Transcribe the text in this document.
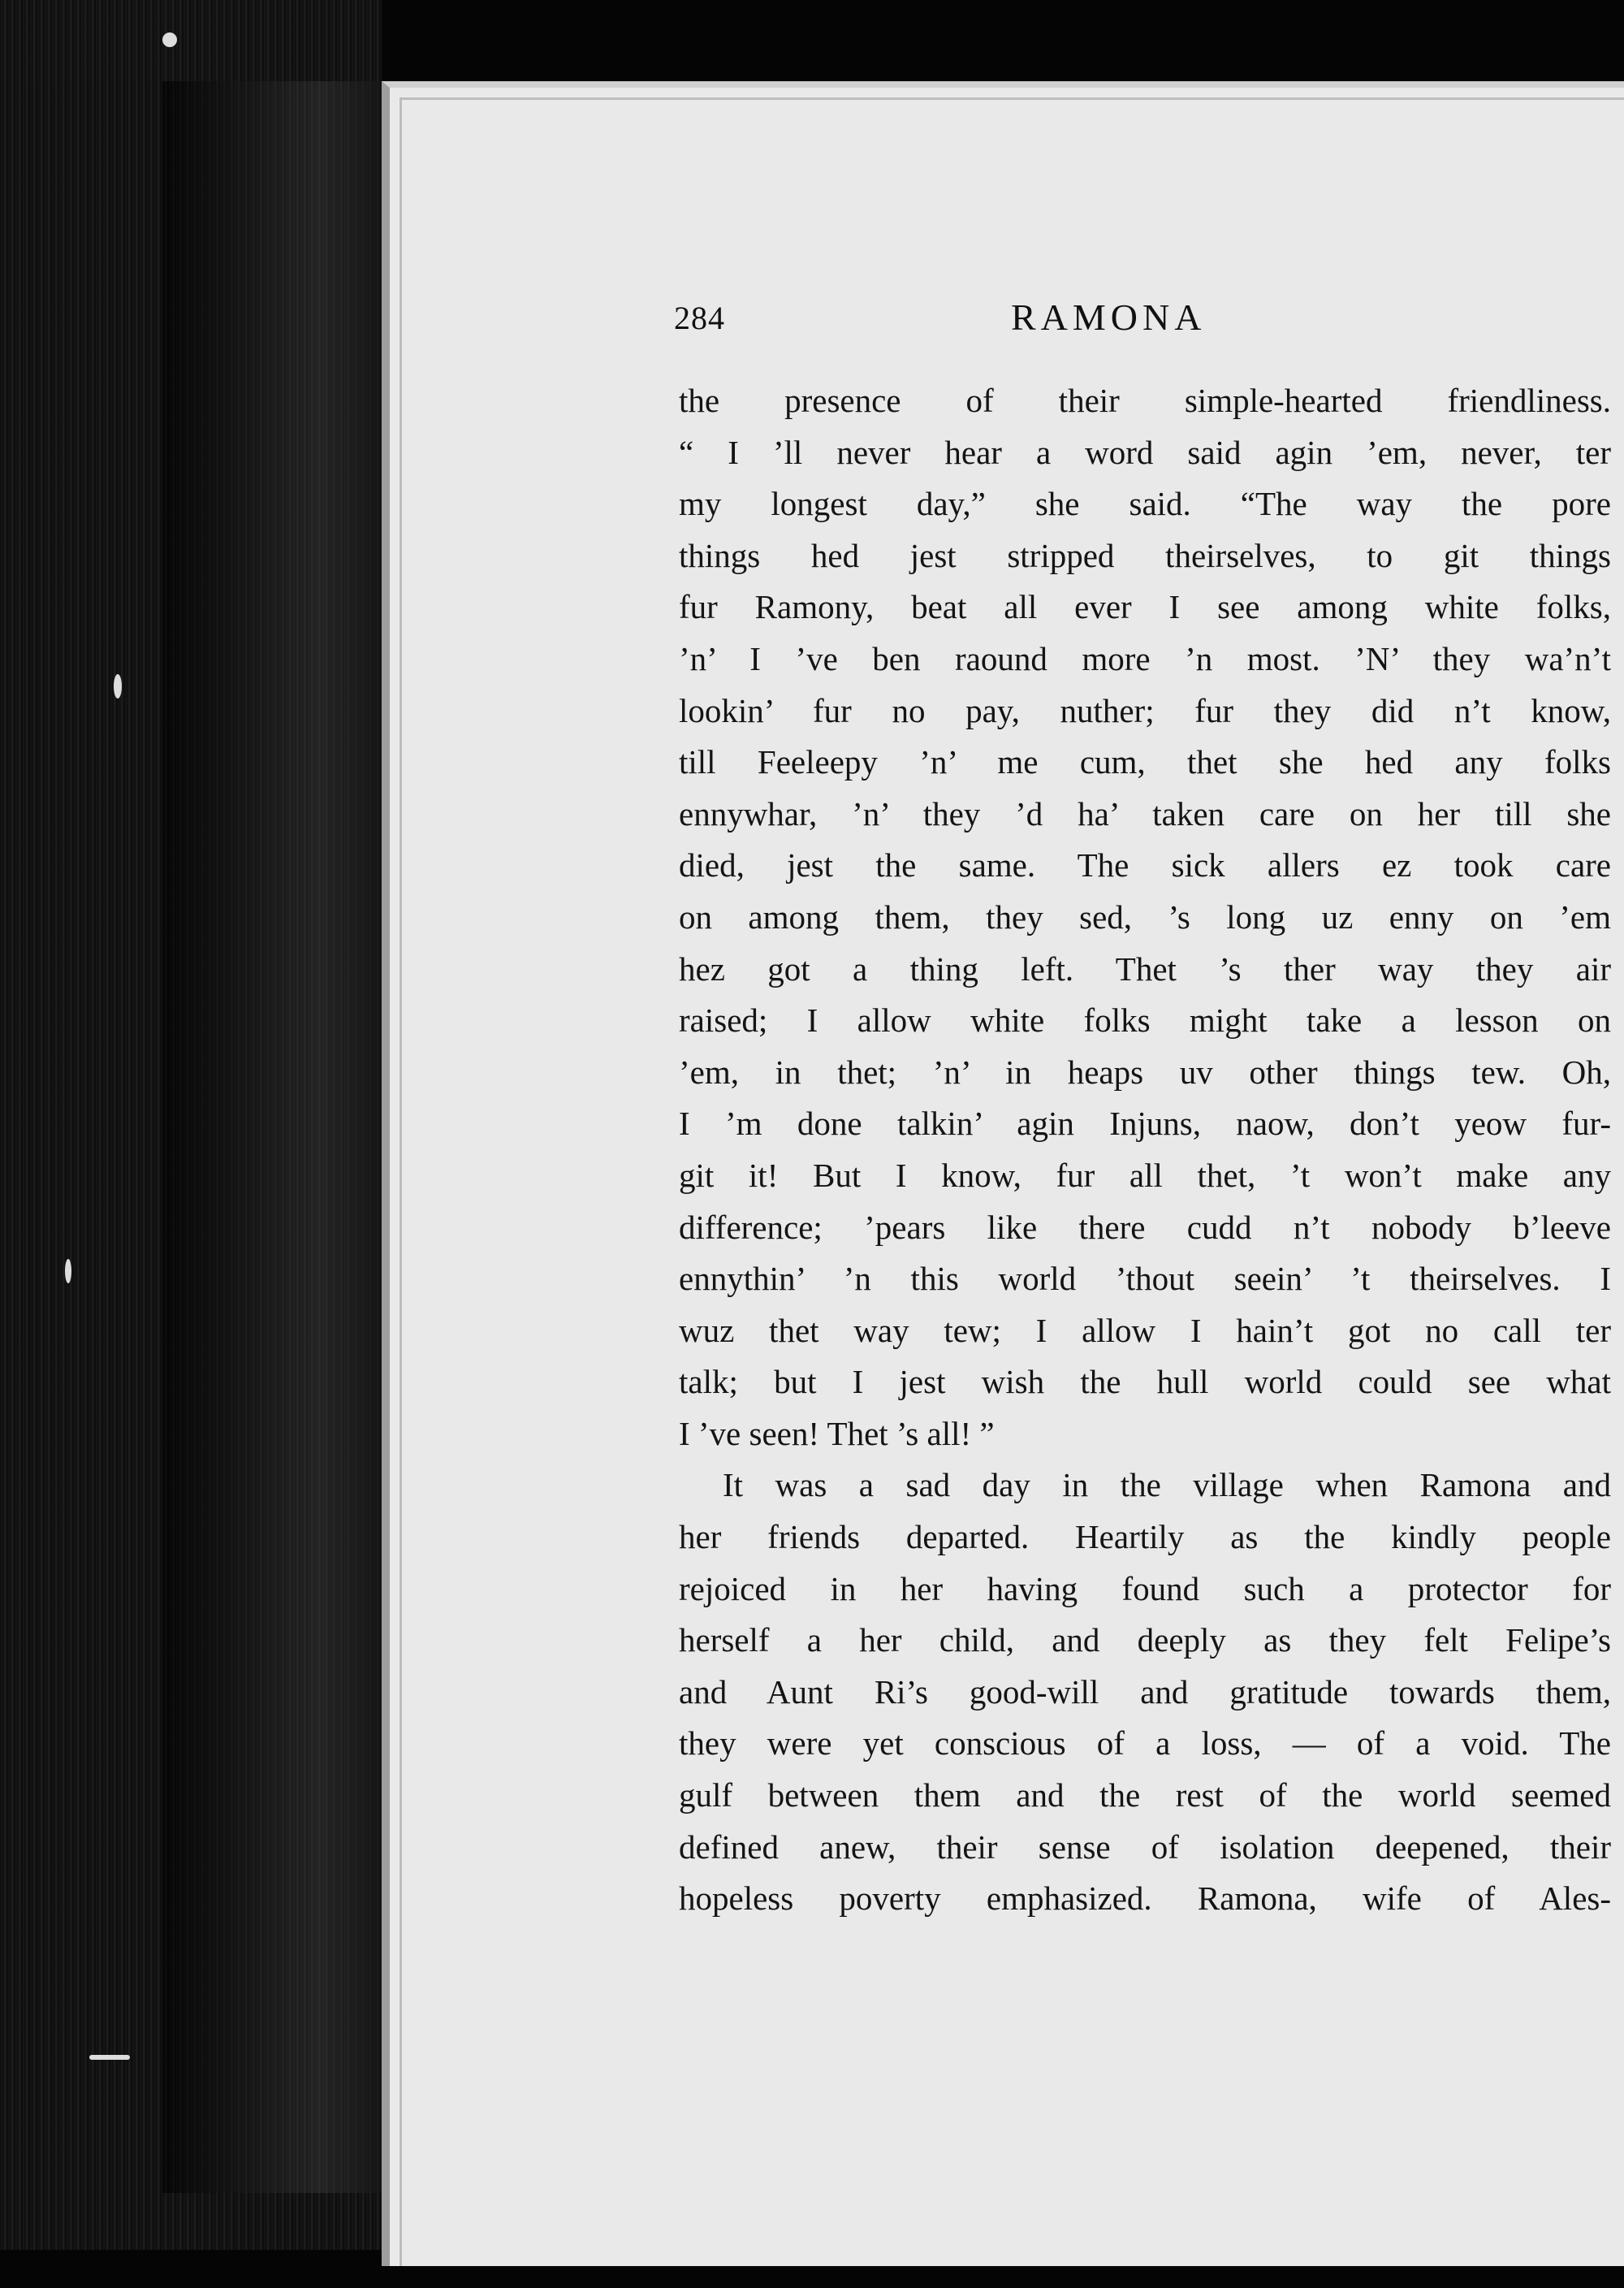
284	RAMONA
the presence of their simple-hearted friendliness.
“ I ’ll never hear a word said agin ’em, never, ter
my longest day,” she said. “The way the pore
things hed jest stripped theirselves, to git things
fur Ramony, beat all ever I see among white folks,
’n’ I ’ve ben raound more ’n most. ’N’ they wa’n’t
lookin’ fur no pay, nuther; fur they did n’t know,
till Feeleepy ’n’ me cum, thet she hed any folks
ennywhar, ’n’ they ’d ha’ taken care on her till she
died, jest the same. The sick allers ez took care
on among them, they sed, ’s long uz enny on ’em
hez got a thing left. Thet ’s ther way they air
raised; I allow white folks might take a lesson on
’em, in thet; ’n’ in heaps uv other things tew. Oh,
I ’m done talkin’ agin Injuns, naow, don’t yeow fur-
git it! But I know, fur all thet, ’t won’t make any
difference; ’pears like there cudd n’t nobody b’leeve
ennythin’ ’n this world ’thout seein’ ’t theirselves. I
wuz thet way tew; I allow I hain’t got no call ter
talk; but I jest wish the hull world could see what
I ’ve seen! Thet ’s all! ”
It was a sad day in the village when Ramona and
her friends departed. Heartily as the kindly people
rejoiced in her having found such a protector for
herself a her child, and deeply as they felt Felipe’s
and Aunt Ri’s good-will and gratitude towards them,
they were yet conscious of a loss, — of a void. The
gulf between them and the rest of the world seemed
defined anew, their sense of isolation deepened, their
hopeless poverty emphasized. Ramona, wife of Ales-
